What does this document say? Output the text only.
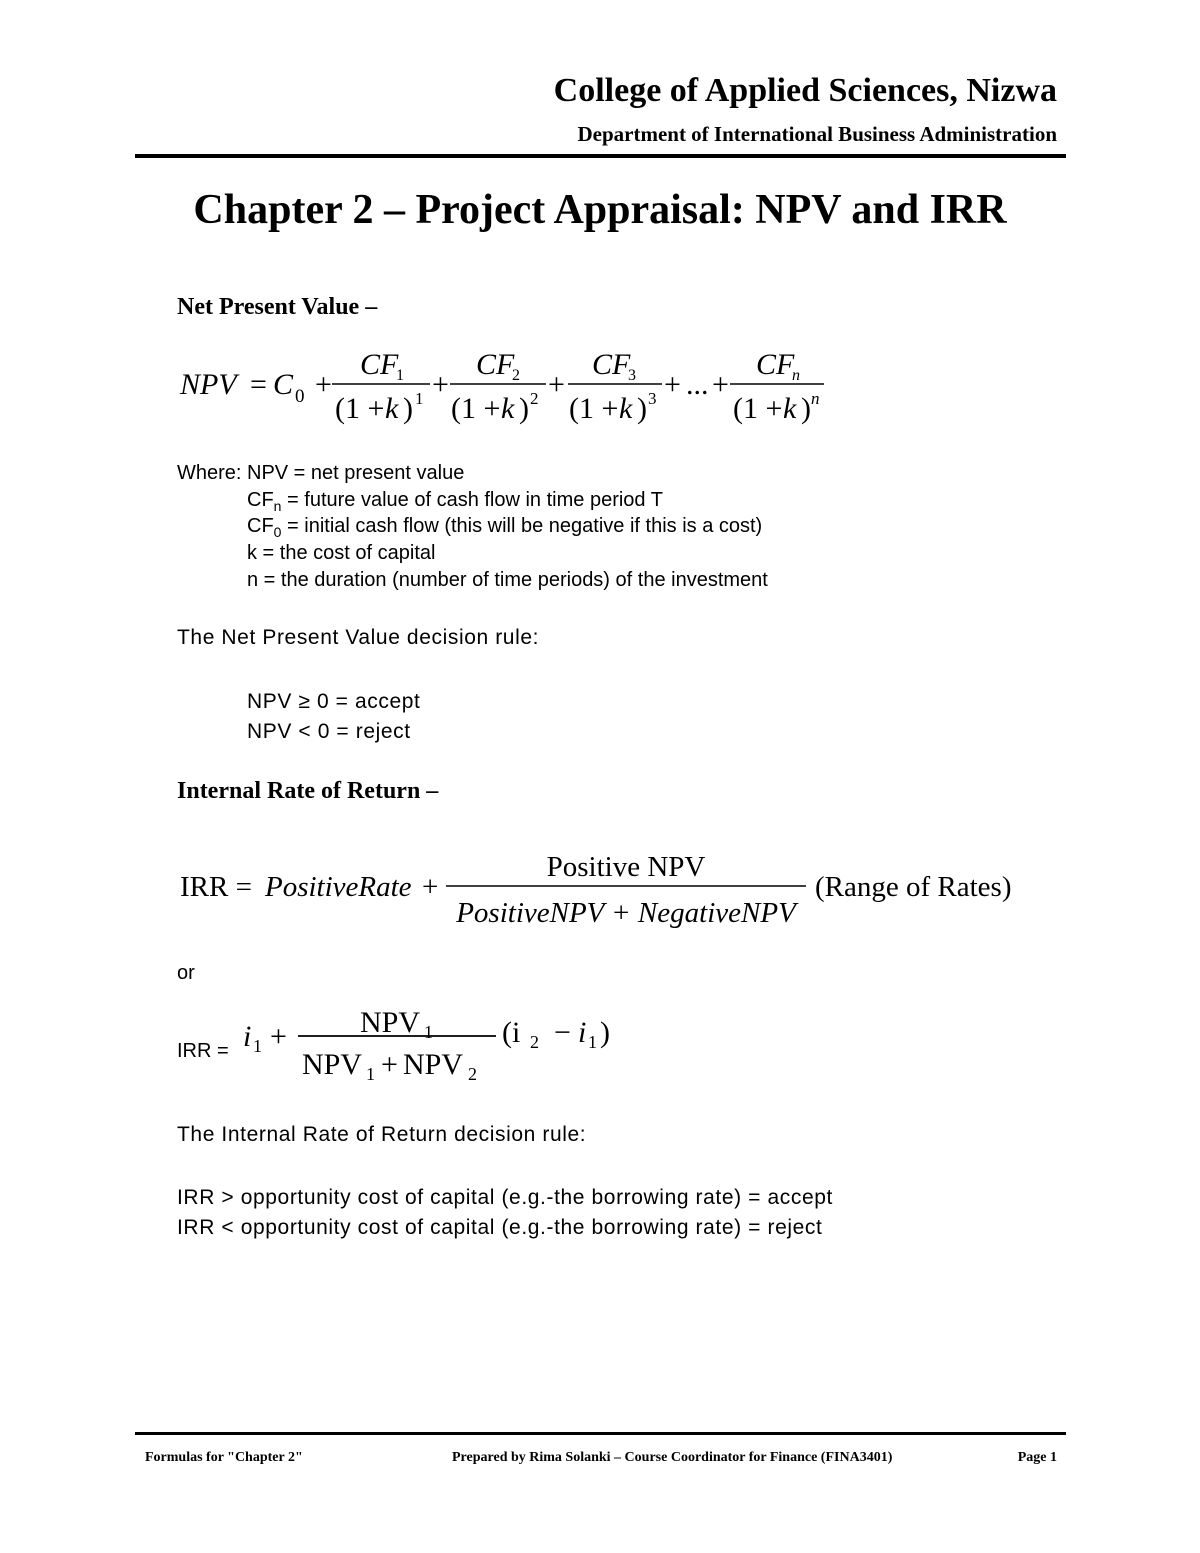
College of Applied Sciences, Nizwa
Department of International Business Administration
Chapter 2 – Project Appraisal: NPV and IRR
Net Present Value –
NPV = C 0 +
CF
1
(1 + k ) 1 +
CF
2
(1 + k ) 2 +
CF
3
(1 + k ) 3 + ... +
CF
n
(1 + k ) n
Where: NPV = net present value
$CF_n$ = future value of cash flow in time period T
$CF_0$ = initial cash flow (this will be negative if this is a cost)
k = the cost of capital
n = the duration (number of time periods) of the investment
The Net Present Value decision rule:
NPV ≥ 0 = accept
NPV < 0 = reject
Internal Rate of Return –
IRR = PositiveRate +
Positive NPV
PositiveNPV + NegativeNPV
(Range of Rates)
or
IRR = i 1 + NPV 1
NPV 1 + NPV 2
(i 2 − i 1 )
The Internal Rate of Return decision rule:
IRR > opportunity cost of capital (e.g.-the borrowing rate) = accept
IRR < opportunity cost of capital (e.g.-the borrowing rate) = reject
Formulas for "Chapter 2"	Prepared by Rima Solanki – Course Coordinator for Finance (FINA3401)	Page 1
